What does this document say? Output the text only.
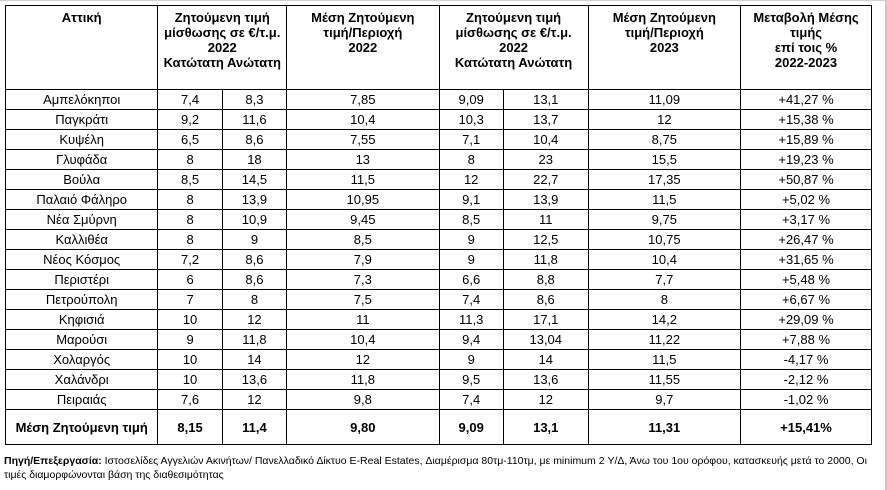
Αττική	Ζητούμενη τιμή
μίσθωσης σε €/τ.μ.
2022
Κατώτατη Ανώτατη		Μέση Ζητούμενη
τιμή/Περιοχή
2022	Ζητούμενη τιμή
μίσθωσης σε €/τ.μ.
2022
Κατώτατη Ανώτατη		Μέση Ζητούμενη
τιμή/Περιοχή
2023	Μεταβολή Μέσης
τιμής
επί τοις %
2022-2023

Αμπελόκηποι	7,4	8,3	7,85	9,09	13,1	11,09	+41,27 %
Παγκράτι	9,2	11,6	10,4	10,3	13,7	12	+15,38 %
Κυψέλη	6,5	8,6	7,55	7,1	10,4	8,75	+15,89 %
Γλυφάδα	8	18	13	8	23	15,5	+19,23 %
Βούλα	8,5	14,5	11,5	12	22,7	17,35	+50,87 %
Παλαιό Φάληρο	8	13,9	10,95	9,1	13,9	11,5	+5,02 %
Νέα Σμύρνη	8	10,9	9,45	8,5	11	9,75	+3,17 %
Καλλιθέα	8	9	8,5	9	12,5	10,75	+26,47 %
Νέος Κόσμος	7,2	8,6	7,9	9	11,8	10,4	+31,65 %
Περιστέρι	6	8,6	7,3	6,6	8,8	7,7	+5,48 %
Πετρούπολη	7	8	7,5	7,4	8,6	8	+6,67 %
Κηφισιά	10	12	11	11,3	17,1	14,2	+29,09 %
Μαρούσι	9	11,8	10,4	9,4	13,04	11,22	+7,88 %
Χολαργός	10	14	12	9	14	11,5	-4,17 %
Χαλάνδρι	10	13,6	11,8	9,5	13,6	11,55	-2,12 %
Πειραιάς	7,6	12	9,8	7,4	12	9,7	-1,02 %
Μέση Ζητούμενη τιμή	8,15	11,4	9,80	9,09	13,1	11,31	+15,41%
Πηγή/Επεξεργασία: Ιστοσελίδες Αγγελιών Ακινήτων/ Πανελλαδικό Δίκτυο E-Real Estates, Διαμέρισμα 80τμ-110τμ, με minimum 2 Υ/Δ, Άνω του 1ου ορόφου, κατασκευής μετά το 2000, Οι τιμές διαμορφώνονται βάση της διαθεσιμότητας
